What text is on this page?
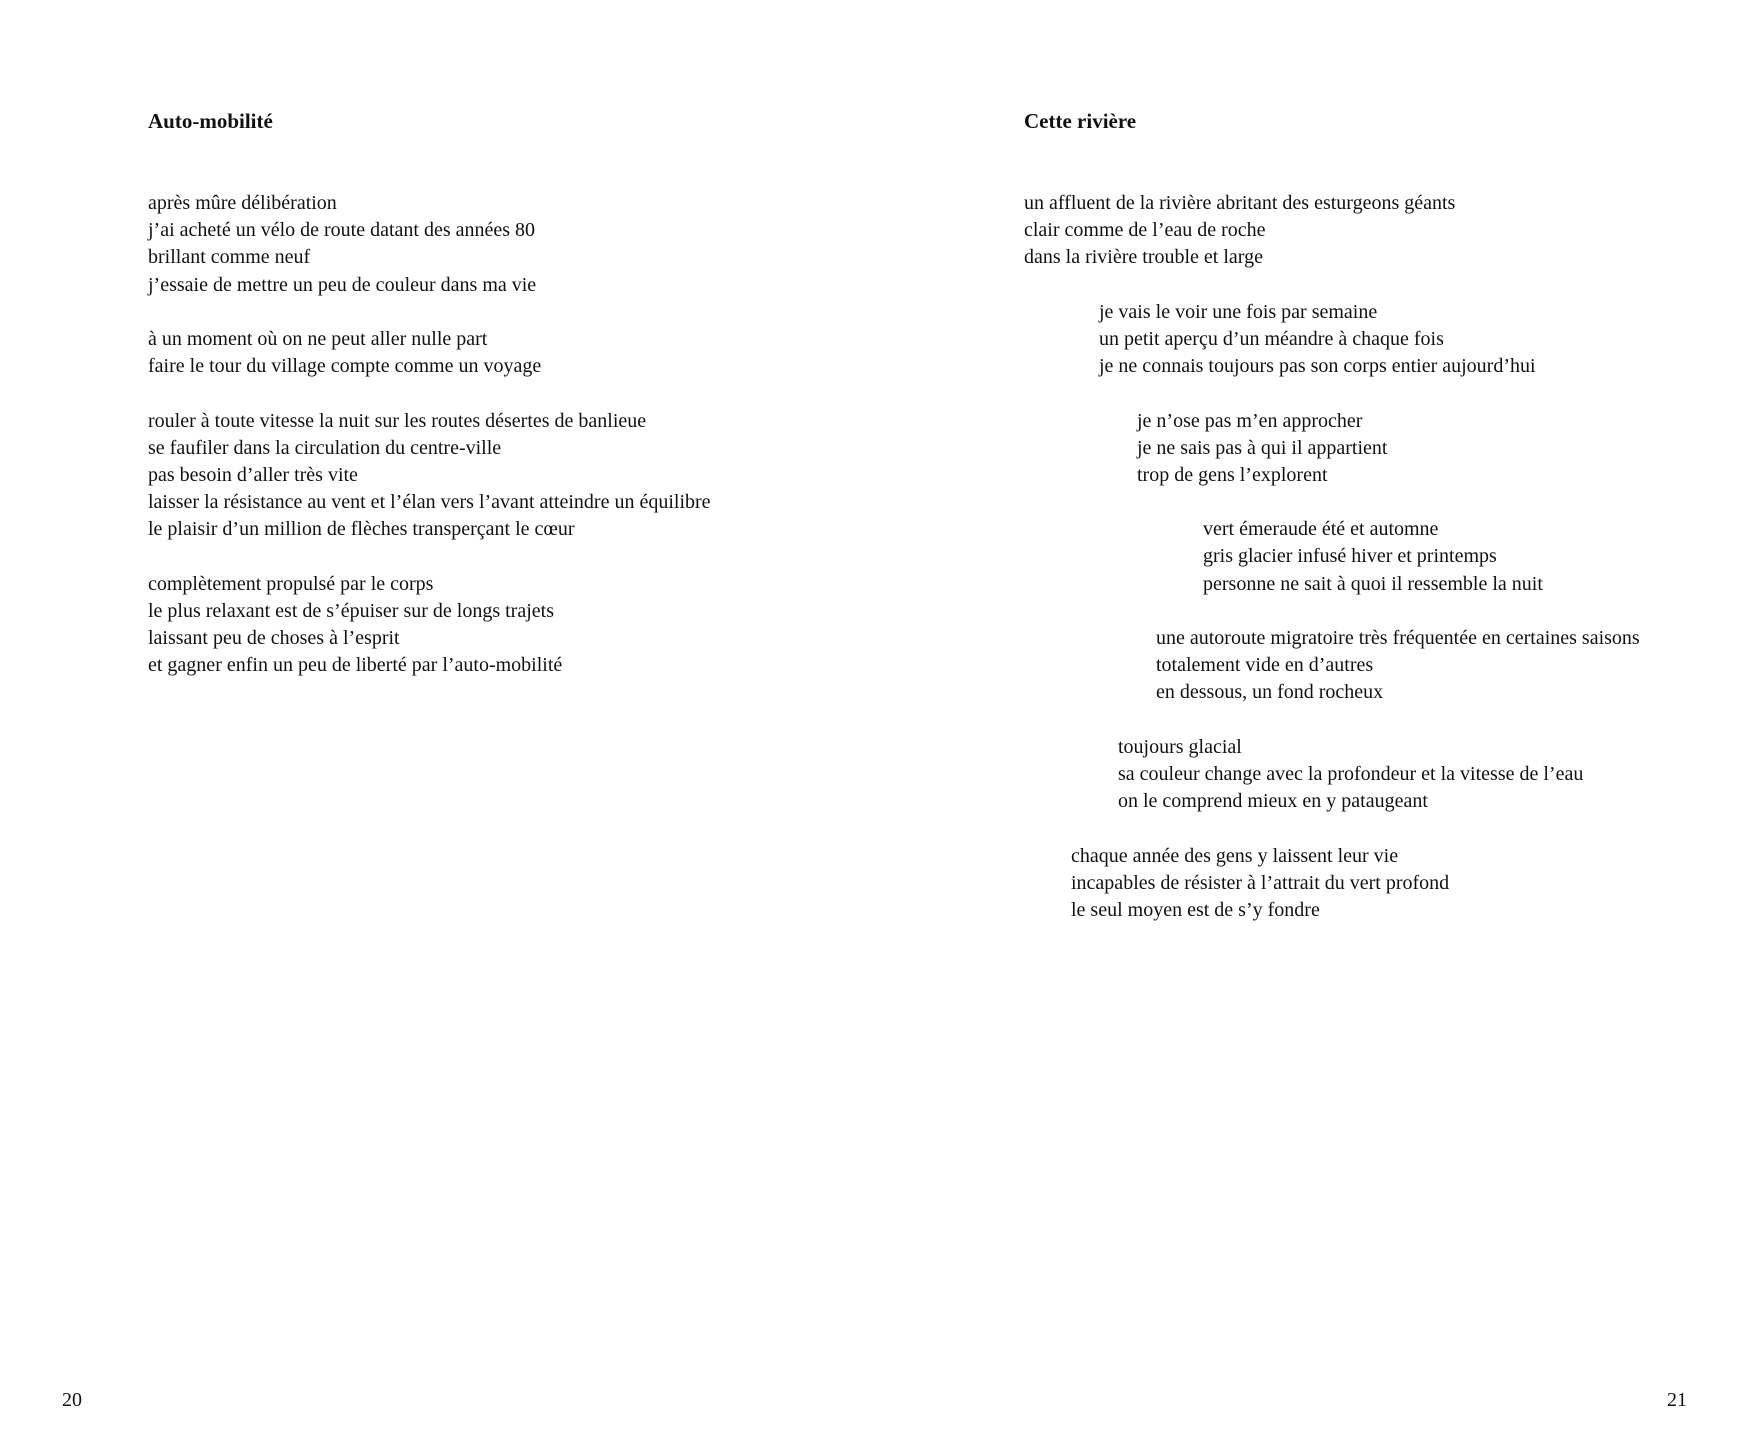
Auto-mobilité
après mûre délibération
j’ai acheté un vélo de route datant des années 80
brillant comme neuf
j’essaie de mettre un peu de couleur dans ma vie
à un moment où on ne peut aller nulle part
faire le tour du village compte comme un voyage
rouler à toute vitesse la nuit sur les routes désertes de banlieue
se faufiler dans la circulation du centre-ville
pas besoin d’aller très vite
laisser la résistance au vent et l’élan vers l’avant atteindre un équilibre
le plaisir d’un million de flèches transperçant le cœur
complètement propulsé par le corps
le plus relaxant est de s’épuiser sur de longs trajets
laissant peu de choses à l’esprit
et gagner enfin un peu de liberté par l’auto-mobilité
20
Cette rivière
un affluent de la rivière abritant des esturgeons géants
clair comme de l’eau de roche
dans la rivière trouble et large
je vais le voir une fois par semaine
un petit aperçu d’un méandre à chaque fois
je ne connais toujours pas son corps entier aujourd’hui
je n’ose pas m’en approcher
je ne sais pas à qui il appartient
trop de gens l’explorent
vert émeraude été et automne
gris glacier infusé hiver et printemps
personne ne sait à quoi il ressemble la nuit
une autoroute migratoire très fréquentée en certaines saisons
totalement vide en d’autres
en dessous, un fond rocheux
toujours glacial
sa couleur change avec la profondeur et la vitesse de l’eau
on le comprend mieux en y pataugeant
chaque année des gens y laissent leur vie
incapables de résister à l’attrait du vert profond
le seul moyen est de s’y fondre
21
